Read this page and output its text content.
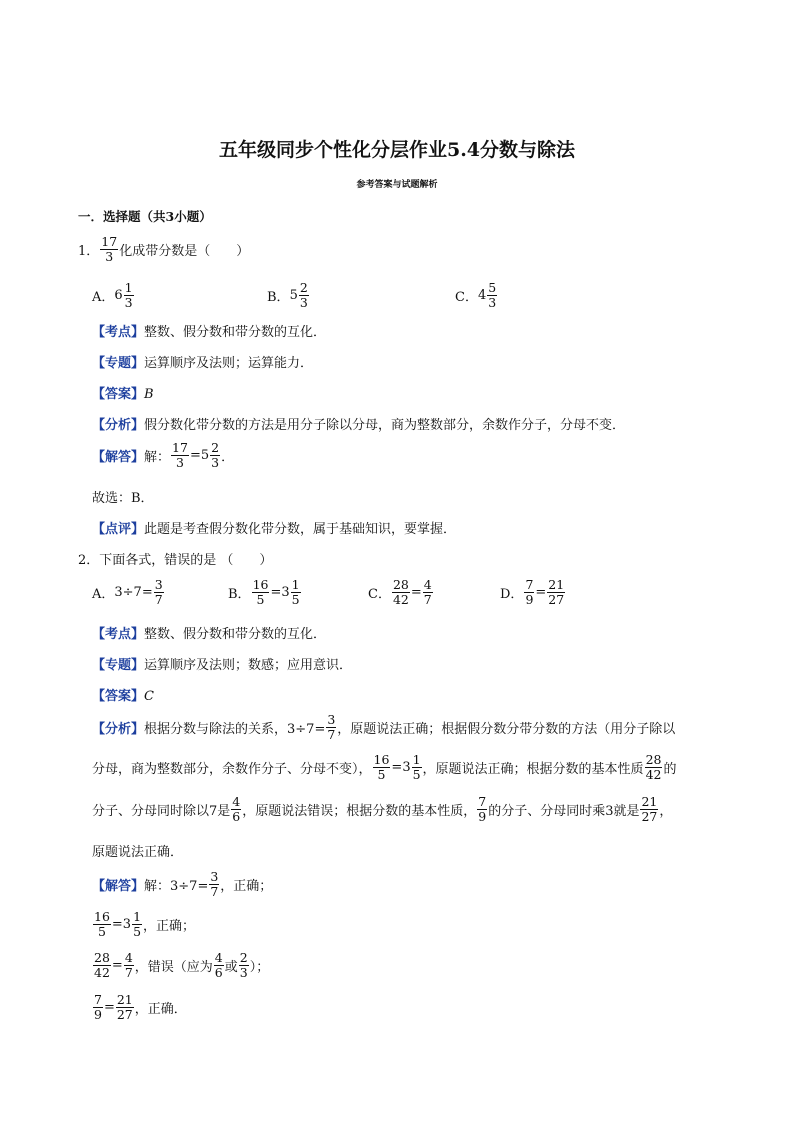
五年级同步个性化分层作业5.4分数与除法
参考答案与试题解析
一．选择题（共3小题）
1． $\frac{17}{3}$ 化成带分数是（　　）
A． $6 \frac{1}{3}$	B． $5 \frac{2}{3}$	C． $4 \frac{5}{3}$
【考点】整数、假分数和带分数的互化．
【专题】运算顺序及法则；运算能力．
【答案】B
【分析】假分数化带分数的方法是用分子除以分母，商为整数部分，余数作分子，分母不变．
【解答】 解： $\frac{17}{3} =5 \frac{2}{3}$ ．
故选：B．
【点评】此题是考查假分数化带分数，属于基础知识，要掌握．
2．下面各式，错误的是 （　　）
A． $3\div 7= \frac{3}{7}$	B． $\frac{16}{5} =3 \frac{1}{5}$	C． $\frac{28}{42} = \frac{4}{7}$	D． $\frac{7}{9} = \frac{21}{27}$
【考点】整数、假分数和带分数的互化．
【专题】运算顺序及法则；数感；应用意识．
【答案】C
【分析】 根据分数与除法的关系，$3\div 7= \frac{3}{7}$ ，原题说法正确；根据假分数分带分数的方法（用分子除以
分母，商为整数部分，余数作分子、分母不变）， $\frac{16}{5} =3 \frac{1}{5}$ ，原题说法正确；根据分数的基本性质 $\frac{28}{42}$ 的
分子、分母同时除以7是 $\frac{4}{6}$ ，原题说法错误；根据分数的基本性质， $\frac{7}{9}$ 的分子、分母同时乘3就是 $\frac{21}{27}$ ，
原题说法正确．
【解答】 解：$3\div 7= \frac{3}{7}$ ，正确；
$\frac{16}{5} =3 \frac{1}{5}$ ，正确；
$\frac{28}{42} = \frac{4}{7}$ ，错误（应为 $\frac{4}{6}$ 或 $\frac{2}{3}$ ）；
$\frac{7}{9} = \frac{21}{27}$ ，正确．
